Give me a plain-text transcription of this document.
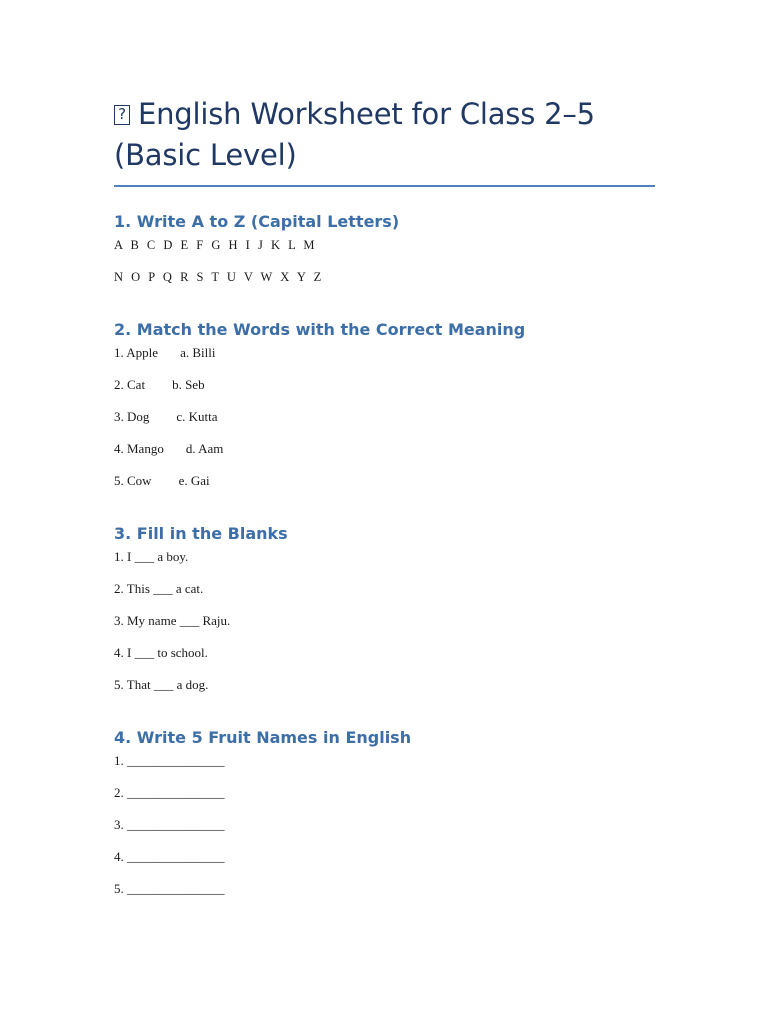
?English Worksheet for Class 2–5 (Basic Level)
1. Write A to Z (Capital Letters)

A B C D E F G H I J K L M

N O P Q R S T U V W X Y Z

2. Match the Words with the Correct Meaning

1. Apple a. Billi

2. Cat b. Seb

3. Dog c. Kutta

4. Mango d. Aam

5. Cow e. Gai

3. Fill in the Blanks

1. I ___ a boy.

2. This ___ a cat.

3. My name ___ Raju.

4. I ___ to school.

5. That ___ a dog.

4. Write 5 Fruit Names in English

1. _______________

2. _______________

3. _______________

4. _______________

5. _______________
